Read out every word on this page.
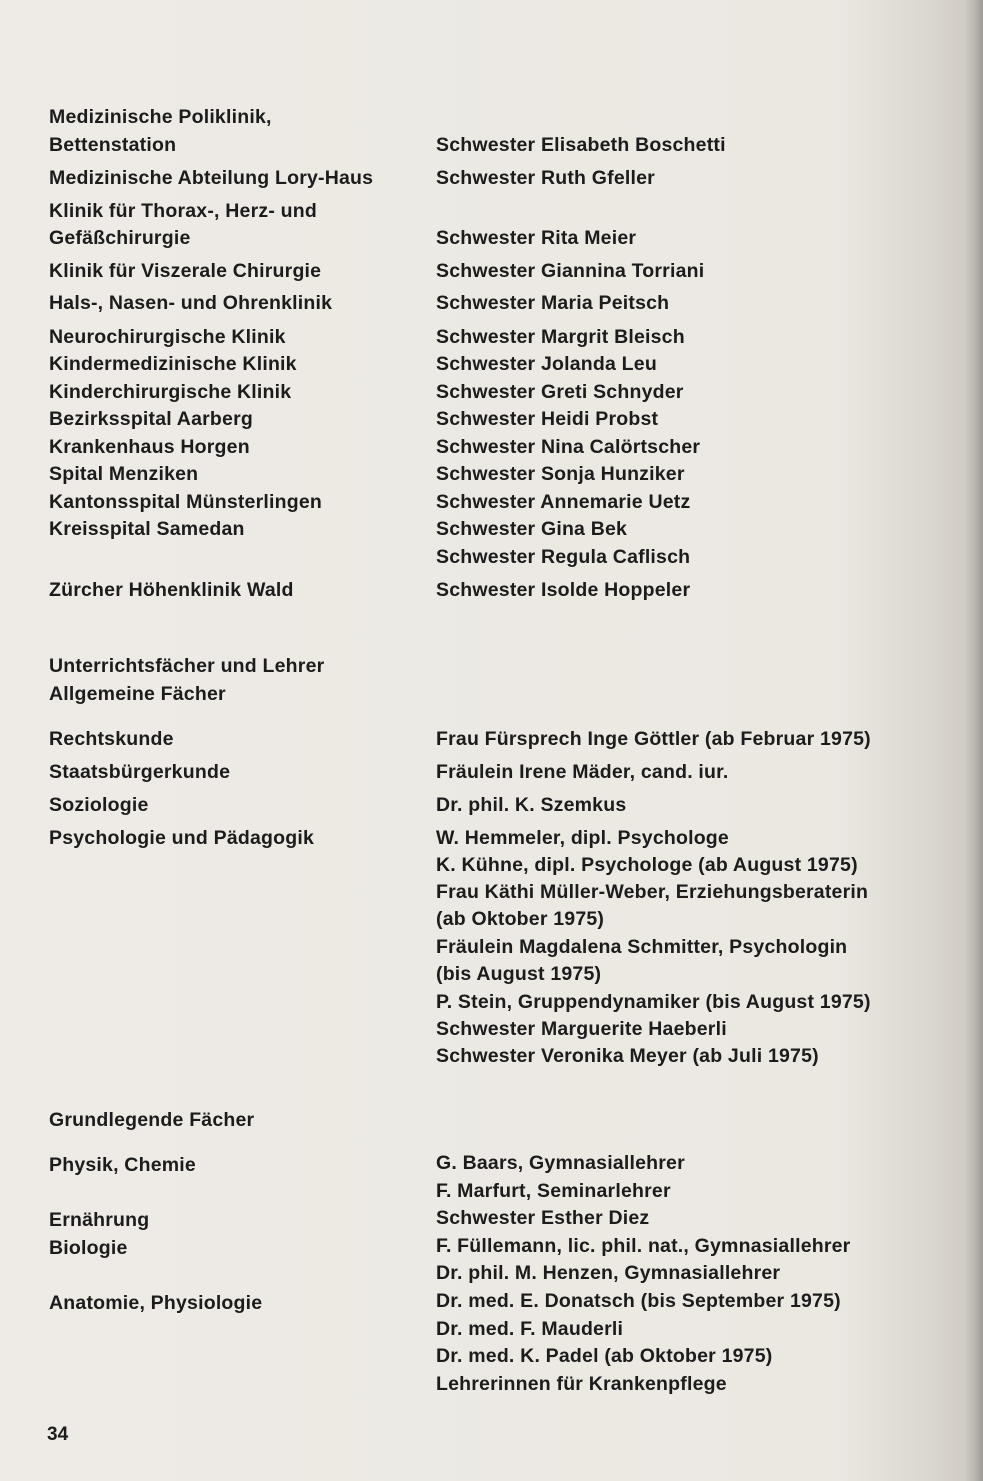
Medizinische Poliklinik,
Bettenstation	Schwester Elisabeth Boschetti
Medizinische Abteilung Lory-Haus	Schwester Ruth Gfeller
Klinik für Thorax-, Herz- und
Gefäßchirurgie	Schwester Rita Meier
Klinik für Viszerale Chirurgie	Schwester Giannina Torriani
Hals-, Nasen- und Ohrenklinik	Schwester Maria Peitsch
Neurochirurgische Klinik	Schwester Margrit Bleisch
Kindermedizinische Klinik	Schwester Jolanda Leu
Kinderchirurgische Klinik	Schwester Greti Schnyder
Bezirksspital Aarberg	Schwester Heidi Probst
Krankenhaus Horgen	Schwester Nina Calörtscher
Spital Menziken	Schwester Sonja Hunziker
Kantonsspital Münsterlingen	Schwester Annemarie Uetz
Kreisspital Samedan	Schwester Gina Bek
Schwester Regula Caflisch
Zürcher Höhenklinik Wald	Schwester Isolde Hoppeler
Unterrichtsfächer und Lehrer
Allgemeine Fächer
Rechtskunde	Frau Fürsprech Inge Göttler (ab Februar 1975)
Staatsbürgerkunde	Fräulein Irene Mäder, cand. iur.
Soziologie	Dr. phil. K. Szemkus
Psychologie und Pädagogik	W. Hemmeler, dipl. Psychologe
K. Kühne, dipl. Psychologe (ab August 1975)
Frau Käthi Müller-Weber, Erziehungsberaterin
(ab Oktober 1975)
Fräulein Magdalena Schmitter, Psychologin
(bis August 1975)
P. Stein, Gruppendynamiker (bis August 1975)
Schwester Marguerite Haeberli
Schwester Veronika Meyer (ab Juli 1975)
Grundlegende Fächer
Physik, Chemie	G. Baars, Gymnasiallehrer
F. Marfurt, Seminarlehrer
Ernährung	Schwester Esther Diez
Biologie	F. Füllemann, lic. phil. nat., Gymnasiallehrer
Dr. phil. M. Henzen, Gymnasiallehrer
Anatomie, Physiologie	Dr. med. E. Donatsch (bis September 1975)
Dr. med. F. Mauderli
Dr. med. K. Padel (ab Oktober 1975)
Lehrerinnen für Krankenpflege
34
